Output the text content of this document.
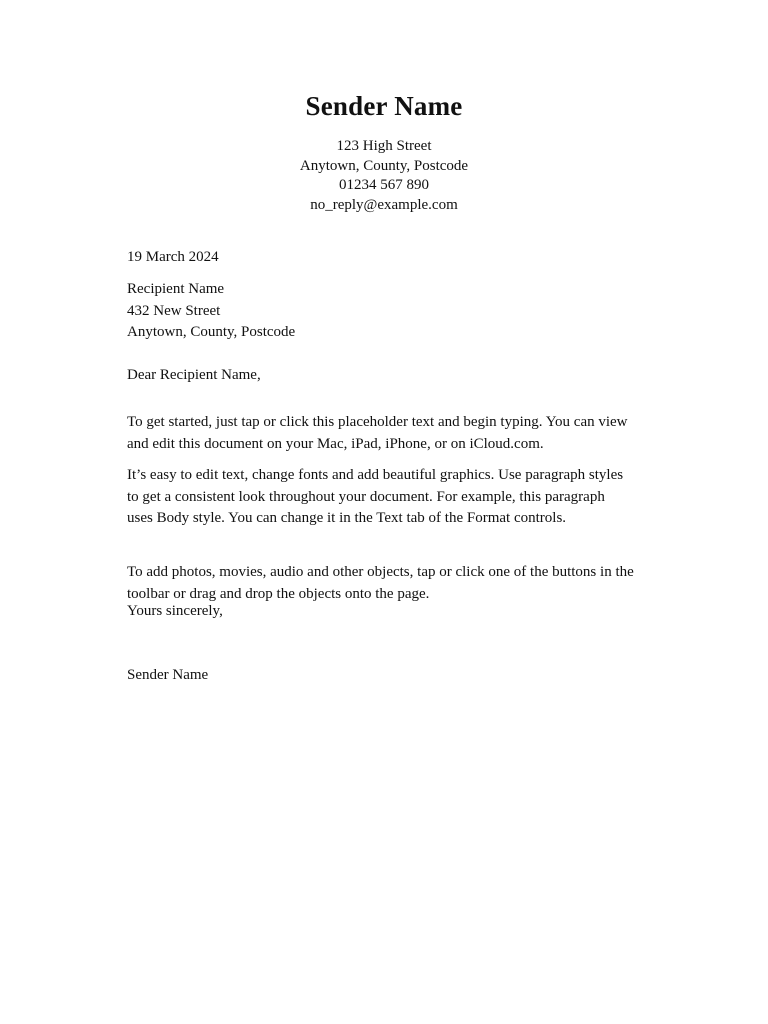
Sender Name
123 High Street
Anytown, County, Postcode
01234 567 890
no_reply@example.com
19 March 2024
Recipient Name
432 New Street
Anytown, County, Postcode
Dear Recipient Name,

To get started, just tap or click this placeholder text and begin typing. You can view and edit this document on your Mac, iPad, iPhone, or on iCloud.com.

It’s easy to edit text, change fonts and add beautiful graphics. Use paragraph styles to get a consistent look throughout your document. For example, this paragraph uses Body style. You can change it in the Text tab of the Format controls.

To add photos, movies, audio and other objects, tap or click one of the buttons in the toolbar or drag and drop the objects onto the page.

Yours sincerely,
Sender Name
